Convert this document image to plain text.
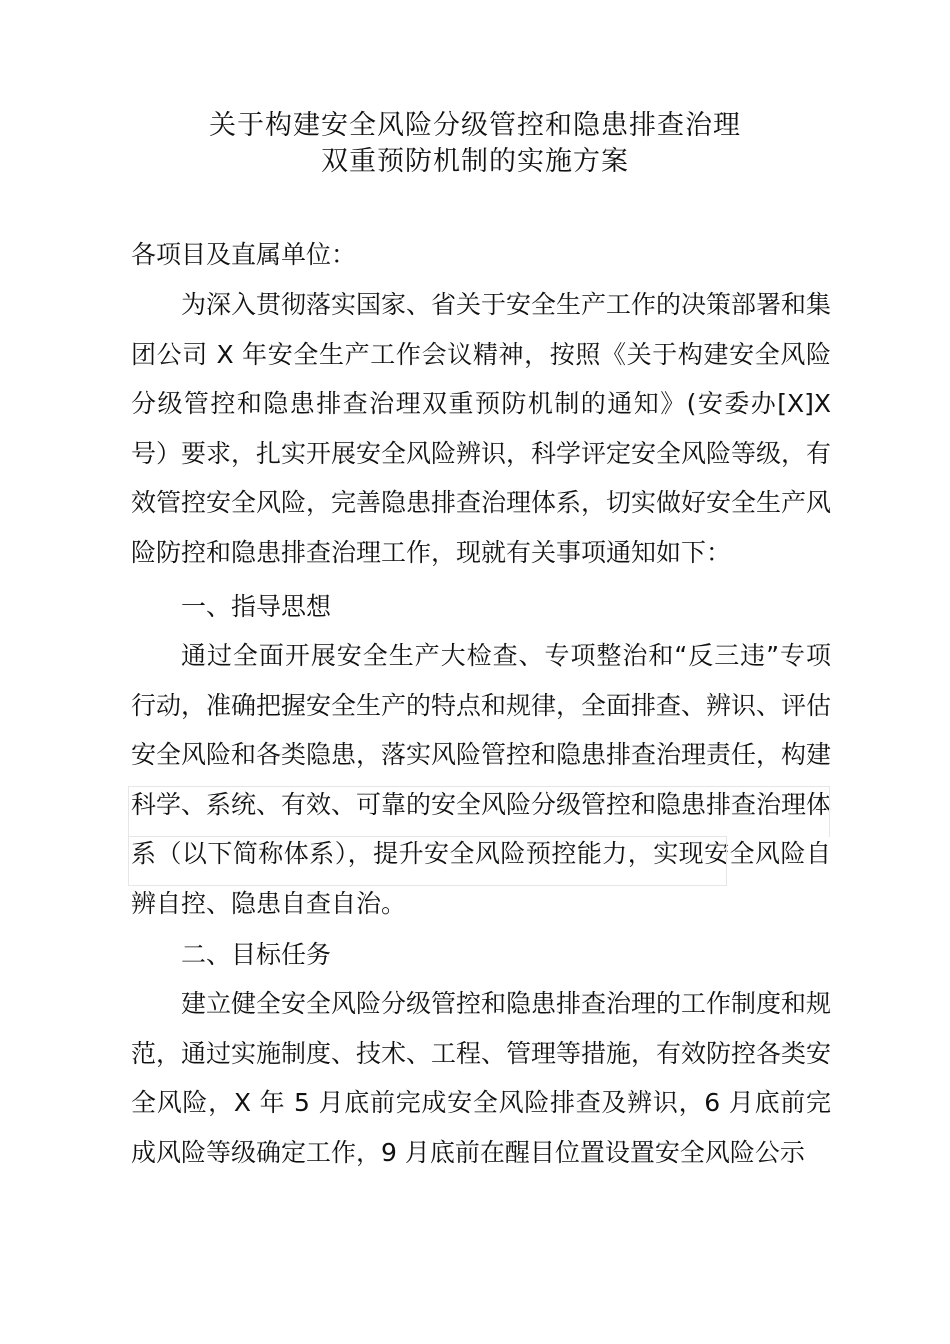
关于构建安全风险分级管控和隐患排查治理
双重预防机制的实施方案

各项目及直属单位：

为深入贯彻落实国家、省关于安全生产工作的决策部署和集团公司 X 年安全生产工作会议精神，按照《关于构建安全风险分级管控和隐患排查治理双重预防机制的通知》(安委办[X]X号）要求，扎实开展安全风险辨识，科学评定安全风险等级，有效管控安全风险，完善隐患排查治理体系，切实做好安全生产风险防控和隐患排查治理工作，现就有关事项通知如下：

一、指导思想

通过全面开展安全生产大检查、专项整治和“反三违”专项行动，准确把握安全生产的特点和规律，全面排查、辨识、评估安全风险和各类隐患，落实风险管控和隐患排查治理责任，构建科学、系统、有效、可靠的安全风险分级管控和隐患排查治理体系（以下简称体系），提升安全风险预控能力，实现安全风险自辨自控、隐患自查自治。

二、目标任务

建立健全安全风险分级管控和隐患排查治理的工作制度和规范，通过实施制度、技术、工程、管理等措施，有效防控各类安全风险，X 年 5 月底前完成安全风险排查及辨识，6 月底前完成风险等级确定工作，9 月底前在醒目位置设置安全风险公示
